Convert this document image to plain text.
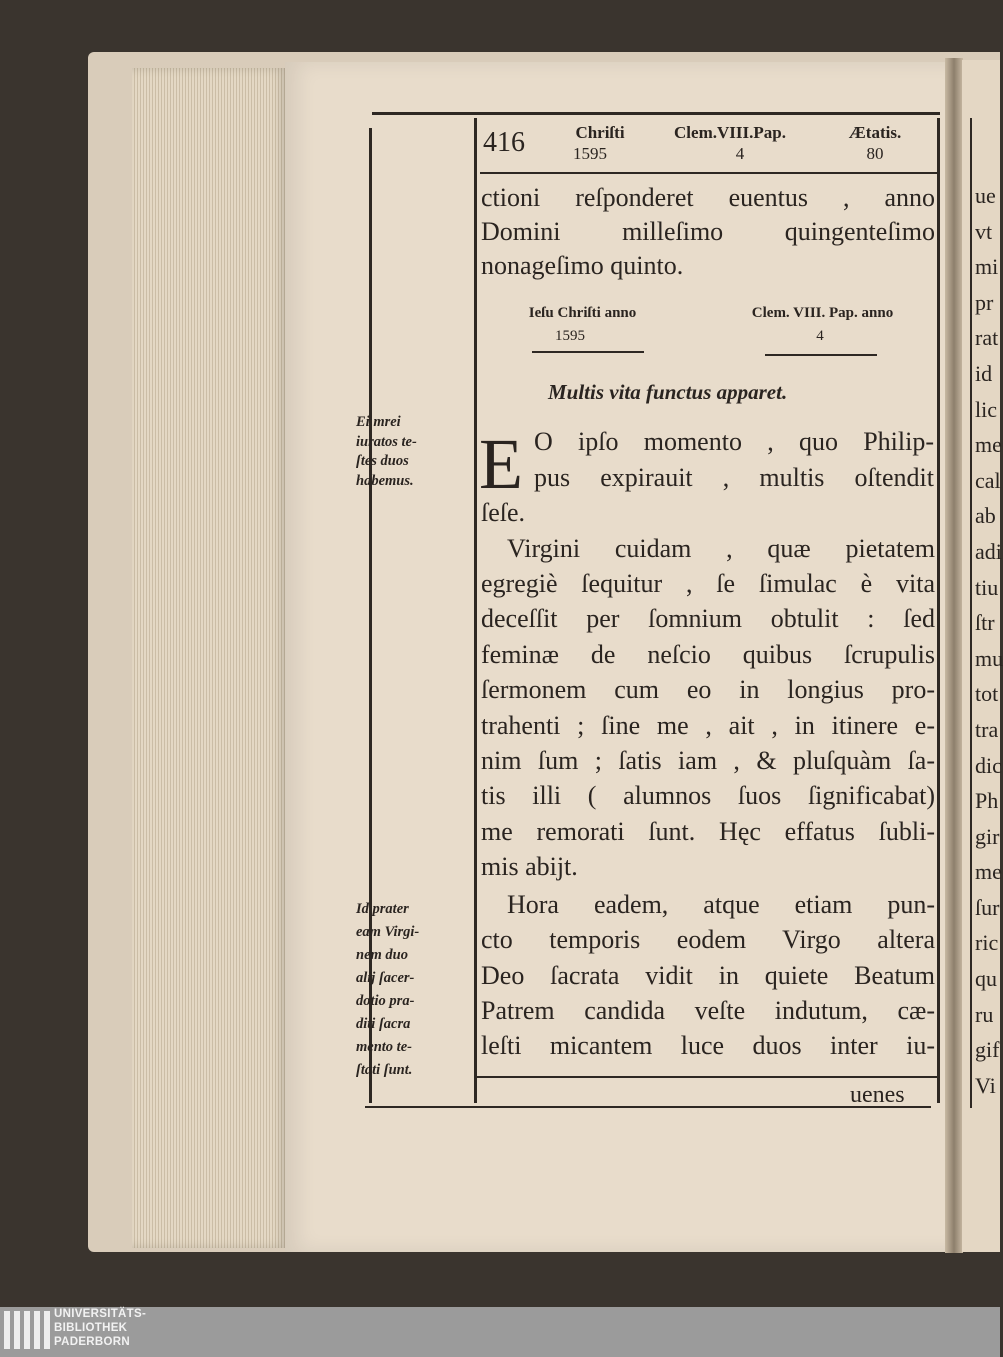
416	Chriſti
1595
Clem.VIII.Pap.
4
Ætatis.
80
ctioni reſponderet euentus , anno
Domini milleſimo quingenteſimo
nonageſimo quinto.
Ieſu Chriſti anno
1595
Clem. VIII. Pap. anno
4
Multis vita functus apparet.
E O ipſo momento , quo Philip-
pus expirauit , multis oſtendit
ſeſe.
Virgini cuidam , quæ pietatem
egregiè ſequitur , ſe ſimulac è vita
deceſſit per ſomnium obtulit : ſed
feminæ de neſcio quibus ſcrupulis
ſermonem cum eo in longius pro-
trahenti ; ſine me , ait , in itinere e-
nim ſum ; ſatis iam , & pluſquàm ſa-
tis illi ( alumnos ſuos ſignificabat)
me remorati ſunt. Hęc effatus ſubli-
mis abijt.
Hora eadem, atque etiam pun-
cto temporis eodem Virgo altera
Deo ſacrata vidit in quiete Beatum
Patrem candida veſte indutum, cæ-
leſti micantem luce duos inter iu-
uenes
Ei mrei
iuratos te-
ſtes duos
habemus.
Id prater
eam Virgi-
nem duo
alij ſacer-
dotio pra-
diti ſacra
mento te-
ſtati ſunt.
ue
vt
mi
pr
rat
id
lic
me
cal
ab
adi
tiu
ſtr
mu
tot
tra
dic
Ph
gir
me
ſur
ric
qu
ru
gif
Vi
UNIVERSITÄTS-
BIBLIOTHEK
PADERBORN
